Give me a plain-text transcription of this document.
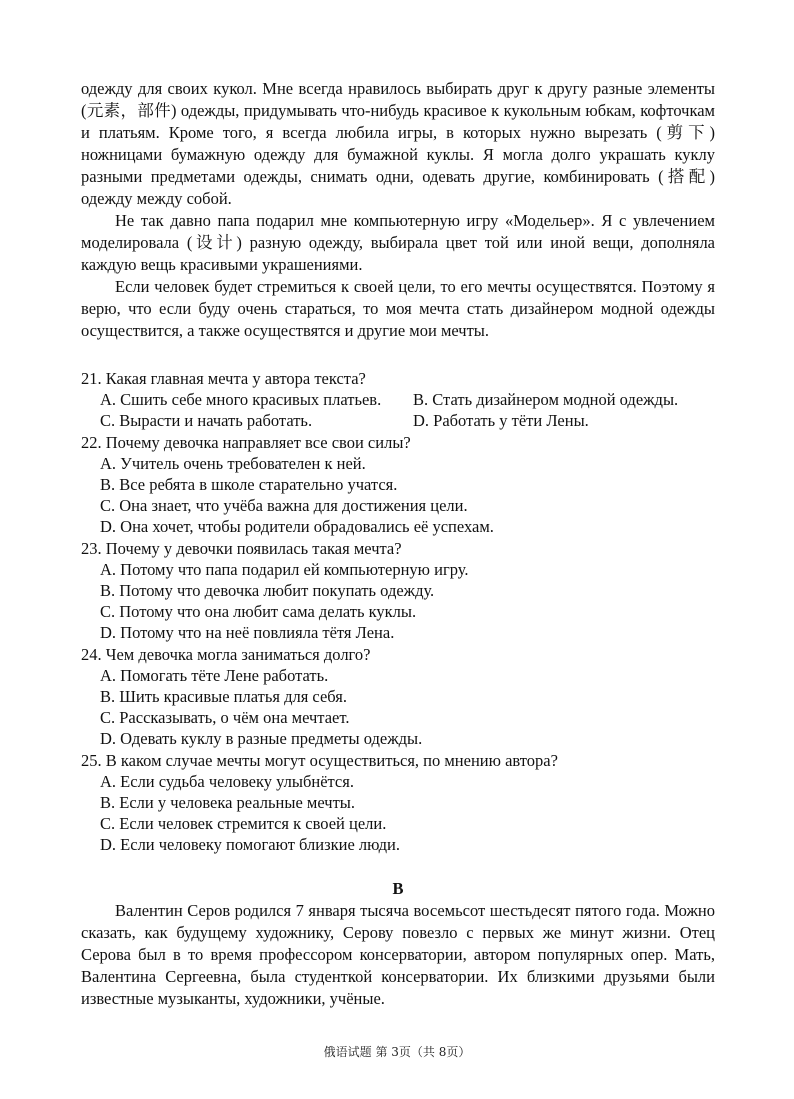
одежду для своих кукол. Мне всегда нравилось выбирать друг к другу разные элементы (元素，部件) одежды, придумывать что-нибудь красивое к кукольным юбкам, кофточкам и платьям. Кроме того, я всегда любила игры, в которых нужно вырезать (剪下) ножницами бумажную одежду для бумажной куклы. Я могла долго украшать куклу разными предметами одежды, снимать одни, одевать другие, комбинировать (搭配) одежду между собой.

Не так давно папа подарил мне компьютерную игру «Модельер». Я с увлечением моделировала (设计) разную одежду, выбирала цвет той или иной вещи, дополняла каждую вещь красивыми украшениями.

Если человек будет стремиться к своей цели, то его мечты осуществятся. Поэтому я верю, что если буду очень стараться, то моя мечта стать дизайнером модной одежды осуществится, а также осуществятся и другие мои мечты.

21. Какая главная мечта у автора текста?

A. Сшить себе много красивых платьев.	B. Стать дизайнером модной одежды.

C. Вырасти и начать работать.	D. Работать у тёти Лены.

22. Почему девочка направляет все свои силы?

A. Учитель очень требователен к ней.

B. Все ребята в школе старательно учатся.

C. Она знает, что учёба важна для достижения цели.

D. Она хочет, чтобы родители обрадовались её успехам.

23. Почему у девочки появилась такая мечта?

A. Потому что папа подарил ей компьютерную игру.

B. Потому что девочка любит покупать одежду.

C. Потому что она любит сама делать куклы.

D. Потому что на неё повлияла тётя Лена.

24. Чем девочка могла заниматься долго?

A. Помогать тёте Лене работать.

B. Шить красивые платья для себя.

C. Рассказывать, о чём она мечтает.

D. Одевать куклу в разные предметы одежды.

25. В каком случае мечты могут осуществиться, по мнению автора?

A. Если судьба человеку улыбнётся.

B. Если у человека реальные мечты.

C. Если человек стремится к своей цели.

D. Если человеку помогают близкие люди.

B

Валентин Серов родился 7 января тысяча восемьсот шестьдесят пятого года. Можно сказать, как будущему художнику, Серову повезло с первых же минут жизни. Отец Серова был в то время профессором консерватории, автором популярных опер. Мать, Валентина Сергеевна, была студенткой консерватории. Их близкими друзьями были известные музыканты, художники, учёные.

俄语试题 第 3页（共 8页）
